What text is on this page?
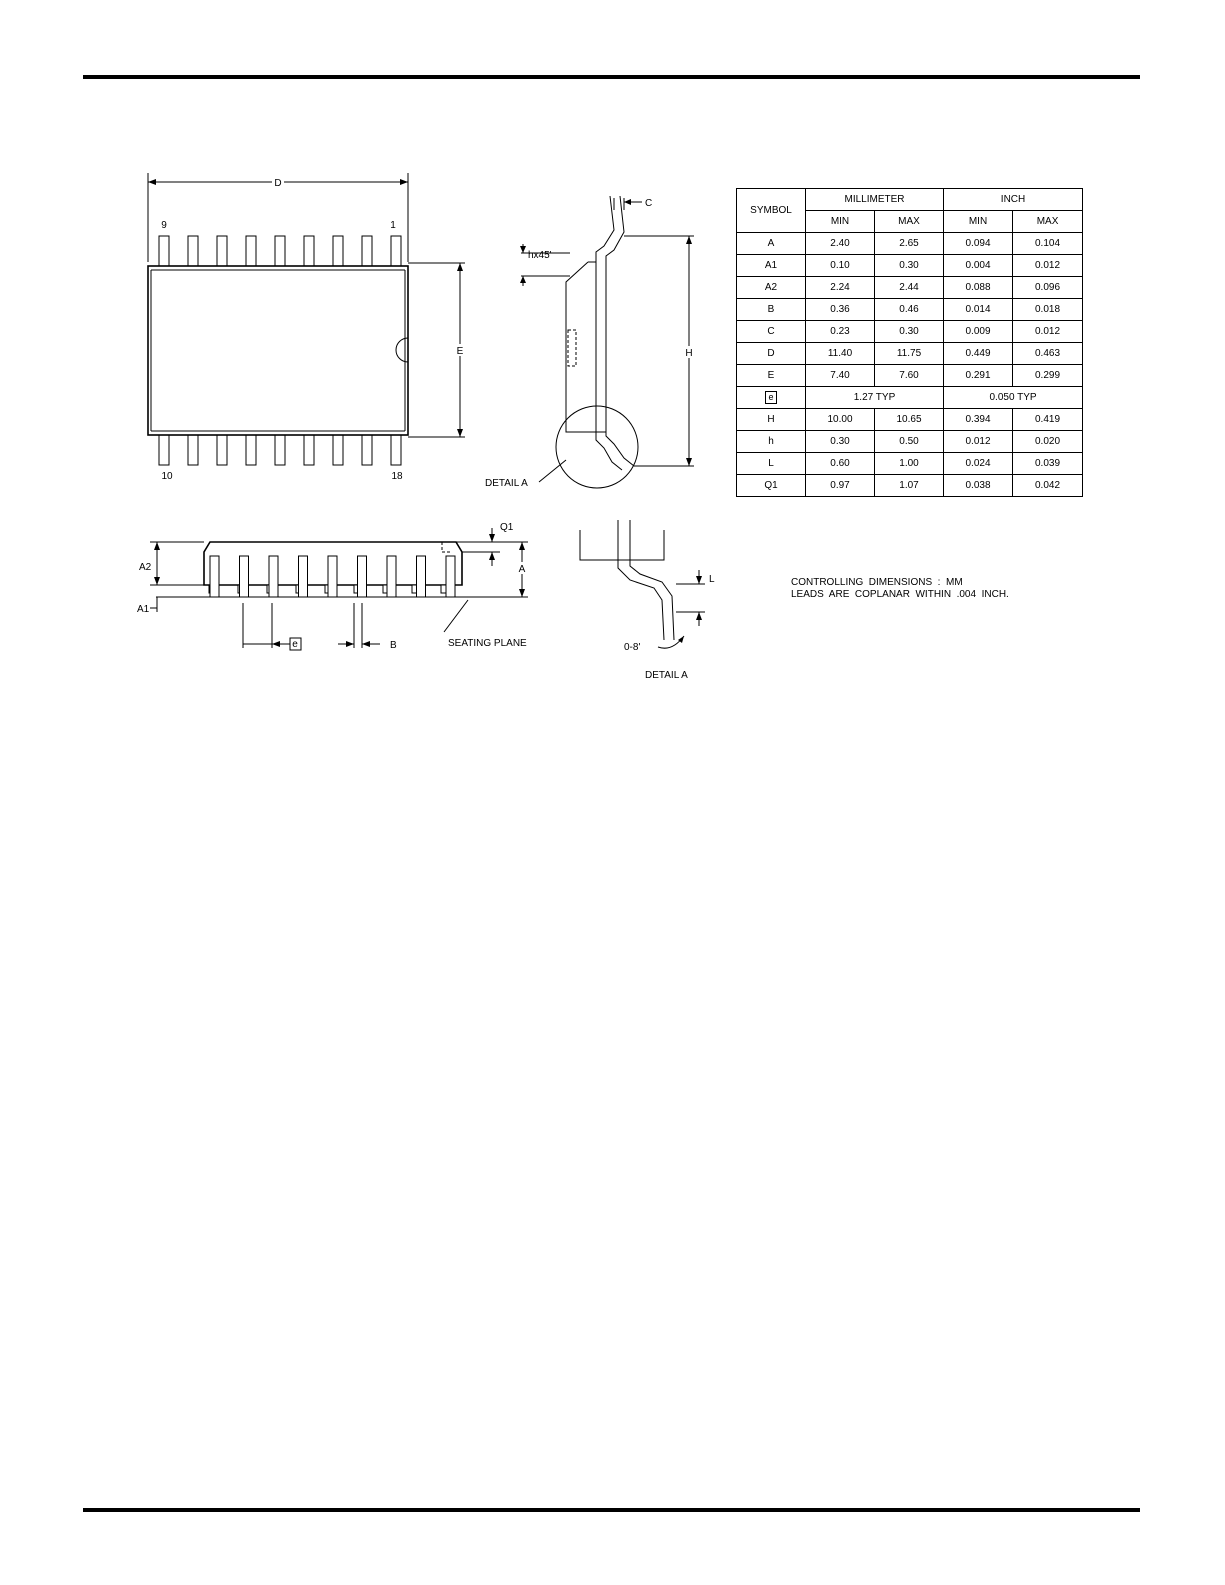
D
9	1
E
10	18
C
hx45'
H
DETAIL A
A2
A1
Q1
A
e	B	SEATING PLANE
L
0-8'
DETAIL A
SYMBOL	MILLIMETER		INCH	
	MIN	MAX	MIN	MAX
A	2.40	2.65	0.094	0.104
A1	0.10	0.30	0.004	0.012
A2	2.24	2.44	0.088	0.096
B	0.36	0.46	0.014	0.018
C	0.23	0.30	0.009	0.012
D	11.40	11.75	0.449	0.463
E	7.40	7.60	0.291	0.299
e	1.27 TYP		0.050 TYP	
H	10.00	10.65	0.394	0.419
h	0.30	0.50	0.012	0.020
L	0.60	1.00	0.024	0.039
Q1	0.97	1.07	0.038	0.042
CONTROLLING  DIMENSIONS  :  MM
LEADS  ARE  COPLANAR  WITHIN  .004  INCH.
